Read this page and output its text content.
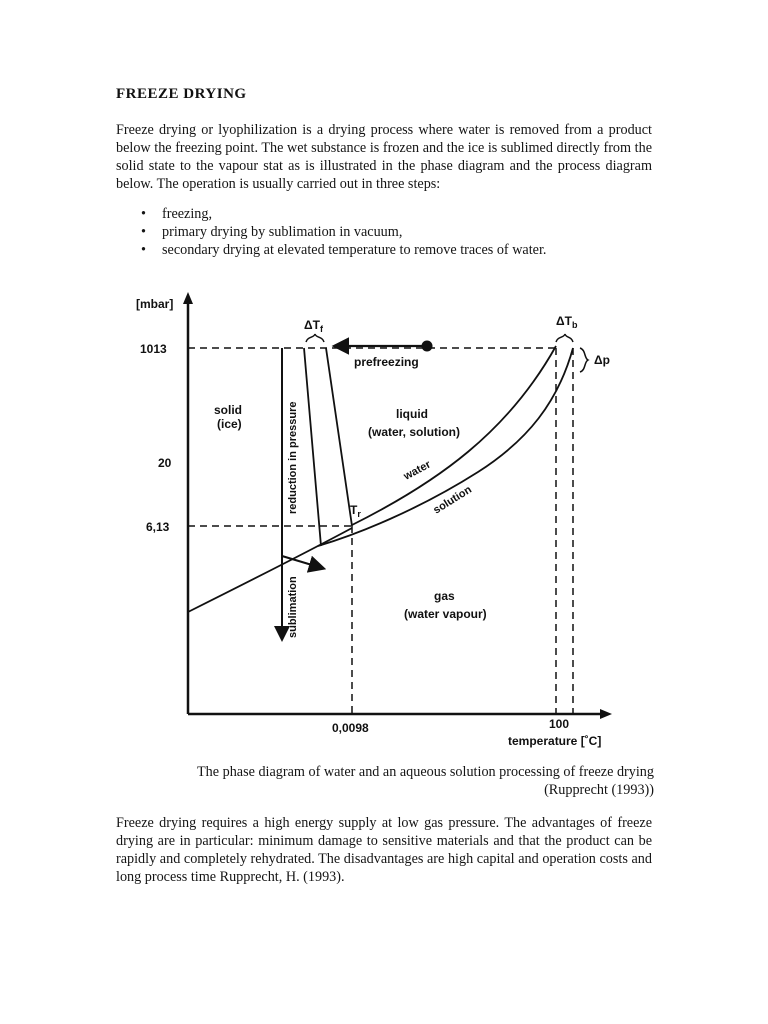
FREEZE DRYING

Freeze drying or lyophilization is a drying process where water is removed from a product below the freezing point. The wet substance is frozen and the ice is sublimed directly from the solid state to the vapour stat as is illustrated in the phase diagram and the process diagram below. The operation is usually carried out in three steps:

• freezing,
• primary drying by sublimation in vacuum,
• secondary drying at elevated temperature to remove traces of water.
[mbar]
temperature [˚C]
1013
20
6,13
0,0098	100
prefreezing
$\Delta T_f$
$\Delta T_b$
Δp
$T_r$
reduction in pressure
sublimation
solid
(ice)
liquid
(water, solution)
gas
(water vapour)
water
solution
The phase diagram of water and an aqueous solution processing of freeze drying
(Rupprecht (1993))

Freeze drying requires a high energy supply at low gas pressure. The advantages of freeze drying are in particular: minimum damage to sensitive materials and that the product can be rapidly and completely rehydrated. The disadvantages are high capital and operation costs and long process time Rupprecht, H. (1993).
